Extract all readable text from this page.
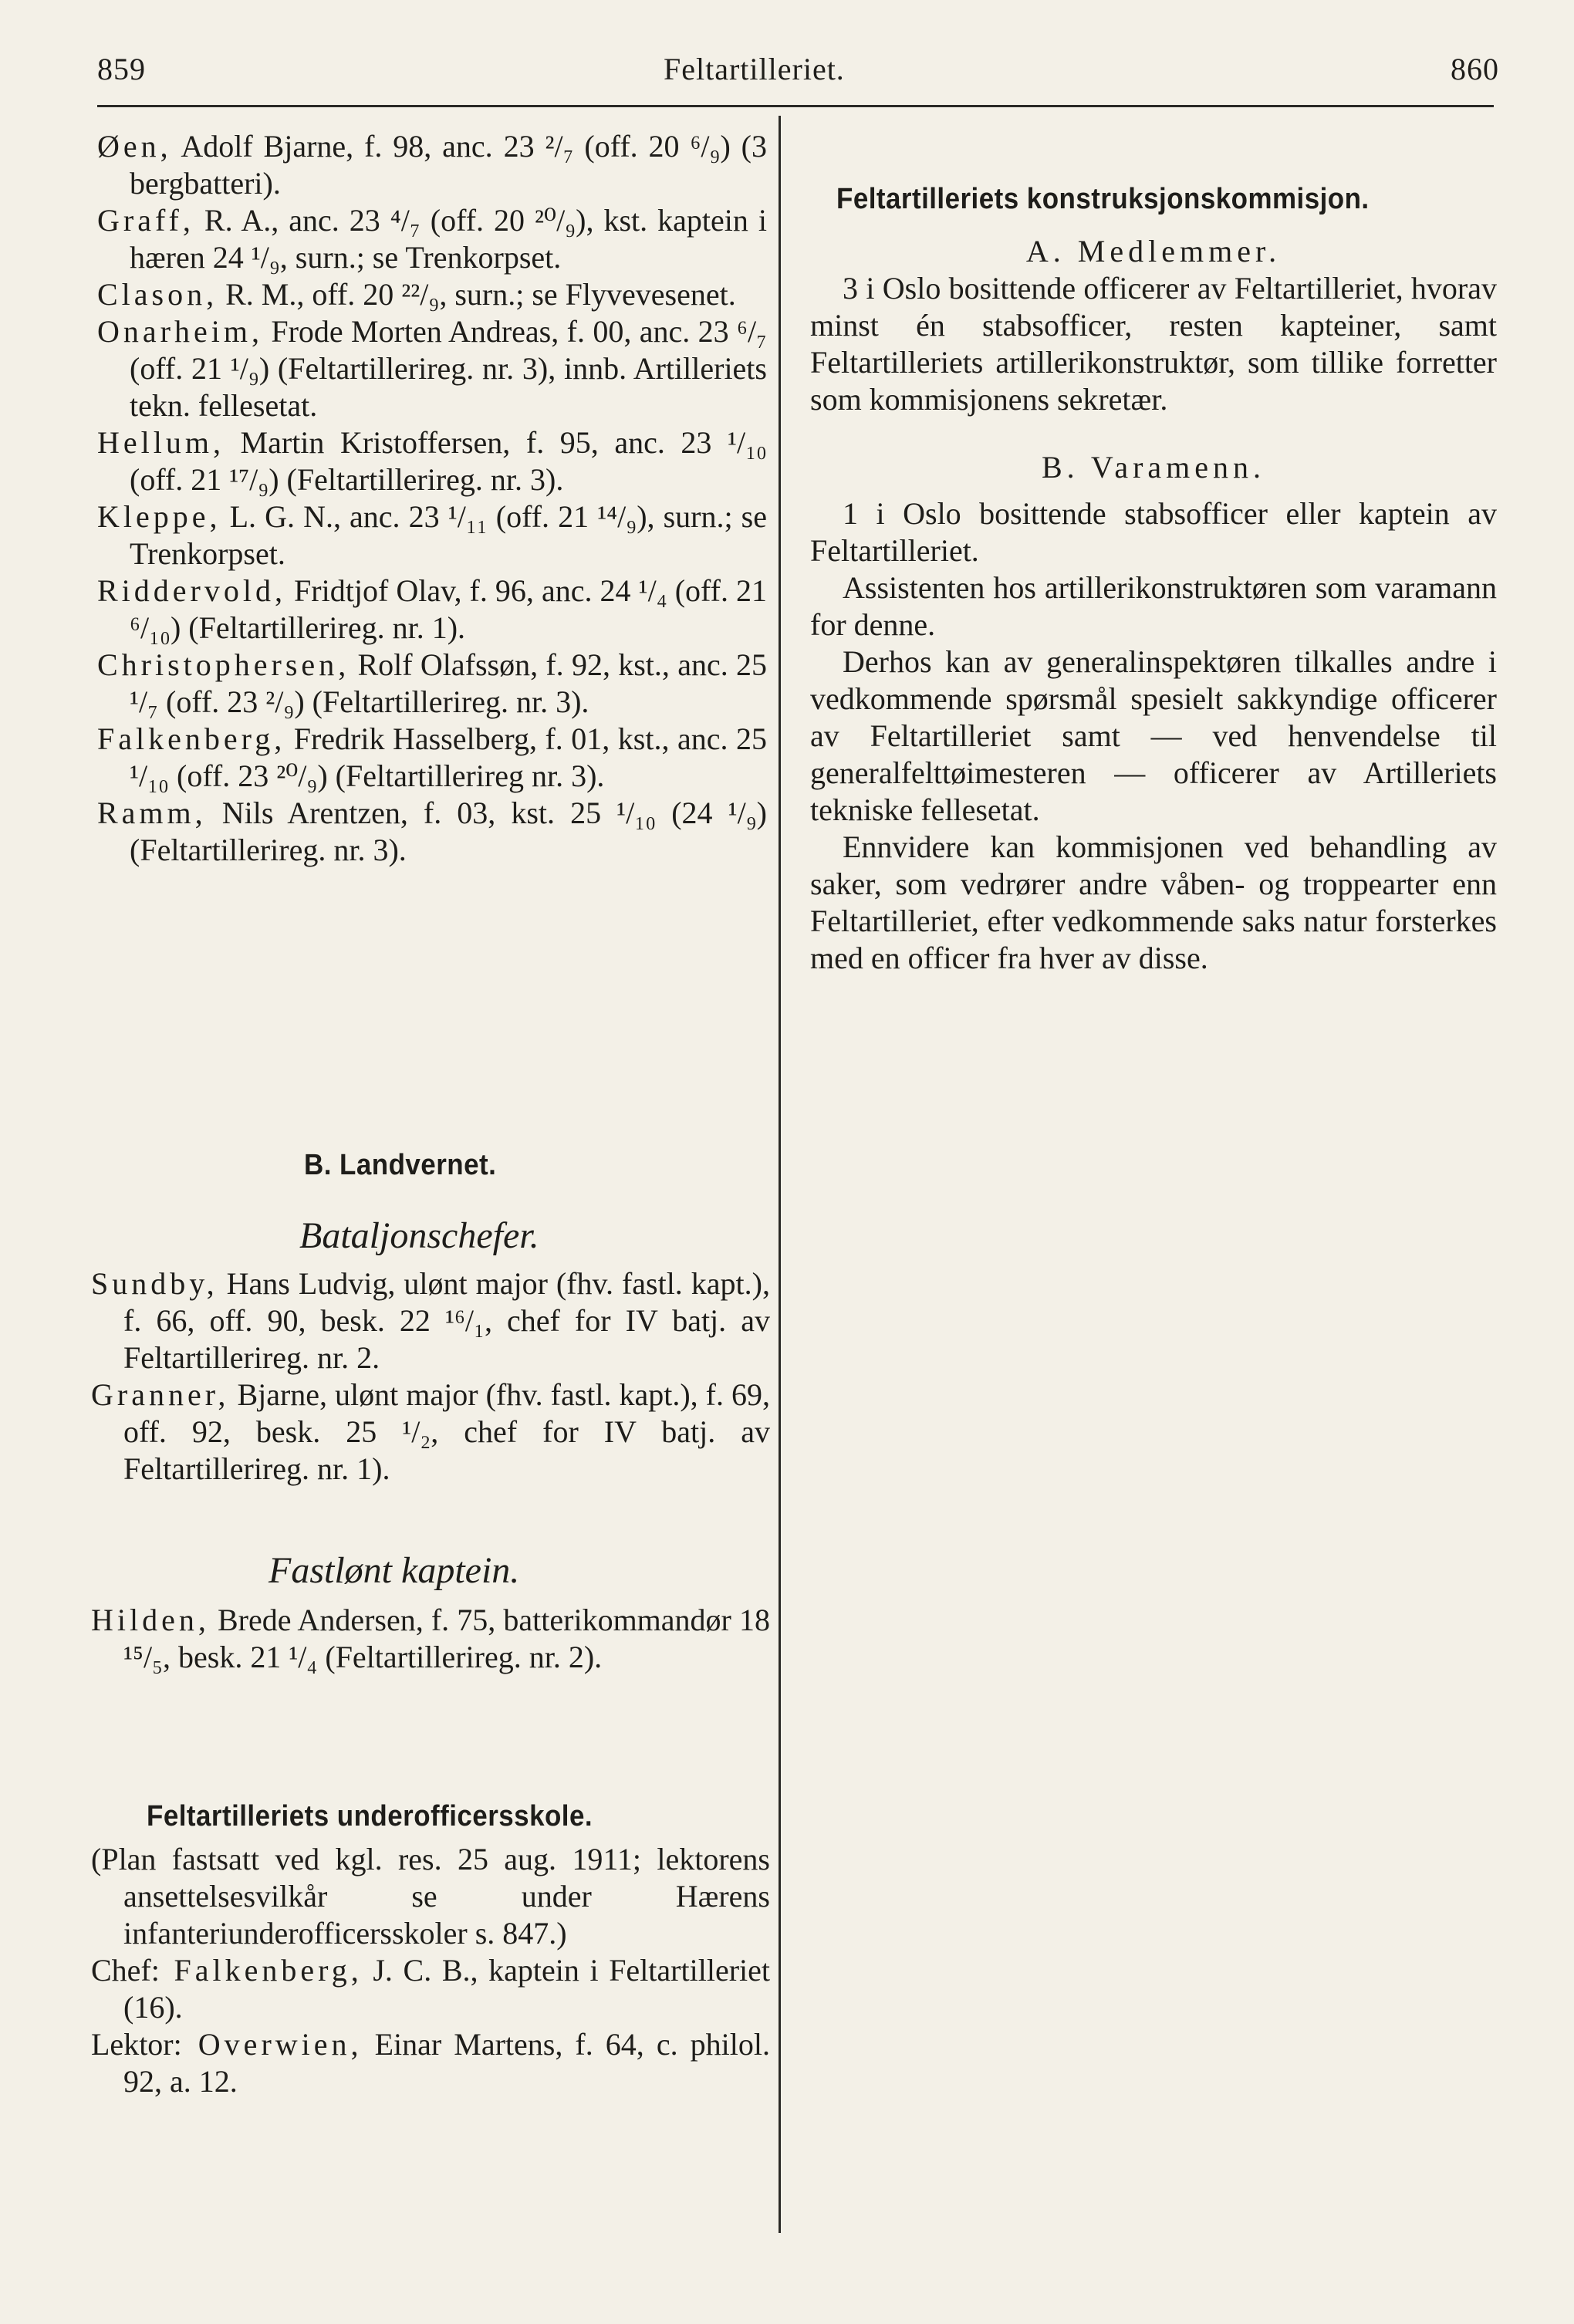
859	Feltartilleriet.	860
Øen, Adolf Bjarne, f. 98, anc. 23 ²/₇ (off. 20 ⁶/₉) (3 bergbatteri).
Graff, R. A., anc. 23 ⁴/₇ (off. 20 ²⁰/₉), kst. kaptein i hæren 24 ¹/₉, surn.; se Trenkorpset.
Clason, R. M., off. 20 ²²/₉, surn.; se Flyvevesenet.
Onarheim, Frode Morten Andreas, f. 00, anc. 23 ⁶/₇ (off. 21 ¹/₉) (Feltartillerireg. nr. 3), innb. Artilleriets tekn. fellesetat.
Hellum, Martin Kristoffersen, f. 95, anc. 23 ¹/₁₀ (off. 21 ¹⁷/₉) (Feltartillerireg. nr. 3).
Kleppe, L. G. N., anc. 23 ¹/₁₁ (off. 21 ¹⁴/₉), surn.; se Trenkorpset.
Riddervold, Fridtjof Olav, f. 96, anc. 24 ¹/₄ (off. 21 ⁶/₁₀) (Feltartillerireg. nr. 1).
Christophersen, Rolf Olafssøn, f. 92, kst., anc. 25 ¹/₇ (off. 23 ²/₉) (Feltartillerireg. nr. 3).
Falkenberg, Fredrik Hasselberg, f. 01, kst., anc. 25 ¹/₁₀ (off. 23 ²⁰/₉) (Feltartillerireg nr. 3).
Ramm, Nils Arentzen, f. 03, kst. 25 ¹/₁₀ (24 ¹/₉) (Feltartillerireg. nr. 3).
B. Landvernet.
Bataljonschefer.
Sundby, Hans Ludvig, ulønt major (fhv. fastl. kapt.), f. 66, off. 90, besk. 22 ¹⁶/₁, chef for IV batj. av Feltartillerireg. nr. 2.
Granner, Bjarne, ulønt major (fhv. fastl. kapt.), f. 69, off. 92, besk. 25 ¹/₂, chef for IV batj. av Feltartillerireg. nr. 1).
Fastlønt kaptein.
Hilden, Brede Andersen, f. 75, batterikommandør 18 ¹⁵/₅, besk. 21 ¹/₄ (Feltartillerireg. nr. 2).
Feltartilleriets underofficersskole.
(Plan fastsatt ved kgl. res. 25 aug. 1911; lektorens ansettelsesvilkår se under Hærens infanteriunderofficersskoler s. 847.)
Chef: Falkenberg, J. C. B., kaptein i Feltartilleriet (16).
Lektor: Overwien, Einar Martens, f. 64, c. philol. 92, a. 12.
Feltartilleriets konstruksjonskommisjon.
A. Medlemmer.
3 i Oslo bosittende officerer av Feltartilleriet, hvorav minst én stabsofficer, resten kapteiner, samt Feltartilleriets artillerikonstruktør, som tillike forretter som kommisjonens sekretær.
B. Varamenn.
1 i Oslo bosittende stabsofficer eller kaptein av Feltartilleriet.
Assistenten hos artillerikonstruktøren som varamann for denne.
Derhos kan av generalinspektøren tilkalles andre i vedkommende spørsmål spesielt sakkyndige officerer av Feltartilleriet samt — ved henvendelse til generalfelttøimesteren — officerer av Artilleriets tekniske fellesetat.
Ennvidere kan kommisjonen ved behandling av saker, som vedrører andre våben- og troppearter enn Feltartilleriet, efter vedkommende saks natur forsterkes med en officer fra hver av disse.
